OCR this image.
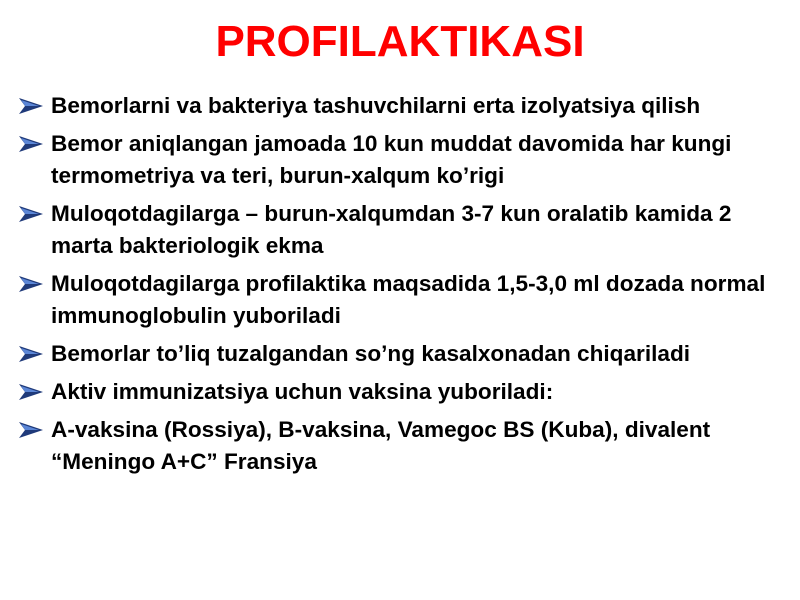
PROFILAKTIKASI
Bemorlarni va bakteriya tashuvchilarni erta izolyatsiya qilish
Bemor aniqlangan jamoada 10 kun muddat davomida har kungi termometriya va teri, burun-xalqum ko’rigi
Muloqotdagilarga – burun-xalqumdan 3-7 kun oralatib kamida 2 marta bakteriologik ekma
Muloqotdagilarga profilaktika maqsadida 1,5-3,0 ml dozada normal immunoglobulin yuboriladi
Bemorlar to’liq tuzalgandan so’ng kasalxonadan chiqariladi
Aktiv immunizatsiya uchun vaksina yuboriladi:
A-vaksina (Rossiya), B-vaksina, Vamegoc BS (Kuba), divalent “Meningo A+C” Fransiya
